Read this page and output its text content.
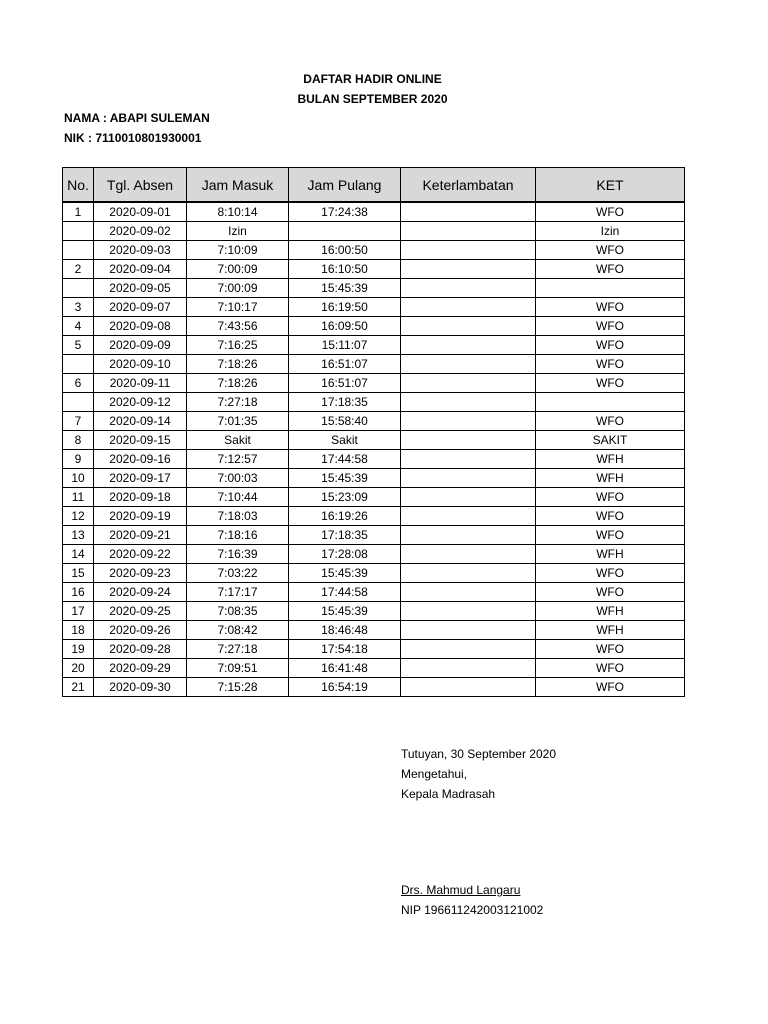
DAFTAR HADIR ONLINE
BULAN SEPTEMBER 2020
NAMA : ABAPI SULEMAN
NIK : 7110010801930001
No.	Tgl. Absen	Jam Masuk	Jam Pulang	Keterlambatan	KET
1	2020-09-01	8:10:14	17:24:38		WFO
	2020-09-02	Izin			Izin
	2020-09-03	7:10:09	16:00:50		WFO
2	2020-09-04	7:00:09	16:10:50		WFO
	2020-09-05	7:00:09	15:45:39		
3	2020-09-07	7:10:17	16:19:50		WFO
4	2020-09-08	7:43:56	16:09:50		WFO
5	2020-09-09	7:16:25	15:11:07		WFO
	2020-09-10	7:18:26	16:51:07		WFO
6	2020-09-11	7:18:26	16:51:07		WFO
	2020-09-12	7:27:18	17:18:35		
7	2020-09-14	7:01:35	15:58:40		WFO
8	2020-09-15	Sakit	Sakit		SAKIT
9	2020-09-16	7:12:57	17:44:58		WFH
10	2020-09-17	7:00:03	15:45:39		WFH
11	2020-09-18	7:10:44	15:23:09		WFO
12	2020-09-19	7:18:03	16:19:26		WFO
13	2020-09-21	7:18:16	17:18:35		WFO
14	2020-09-22	7:16:39	17:28:08		WFH
15	2020-09-23	7:03:22	15:45:39		WFO
16	2020-09-24	7:17:17	17:44:58		WFO
17	2020-09-25	7:08:35	15:45:39		WFH
18	2020-09-26	7:08:42	18:46:48		WFH
19	2020-09-28	7:27:18	17:54:18		WFO
20	2020-09-29	7:09:51	16:41:48		WFO
21	2020-09-30	7:15:28	16:54:19		WFO
Tutuyan, 30 September 2020
Mengetahui,
Kepala Madrasah
Drs. Mahmud Langaru
NIP 196611242003121002
